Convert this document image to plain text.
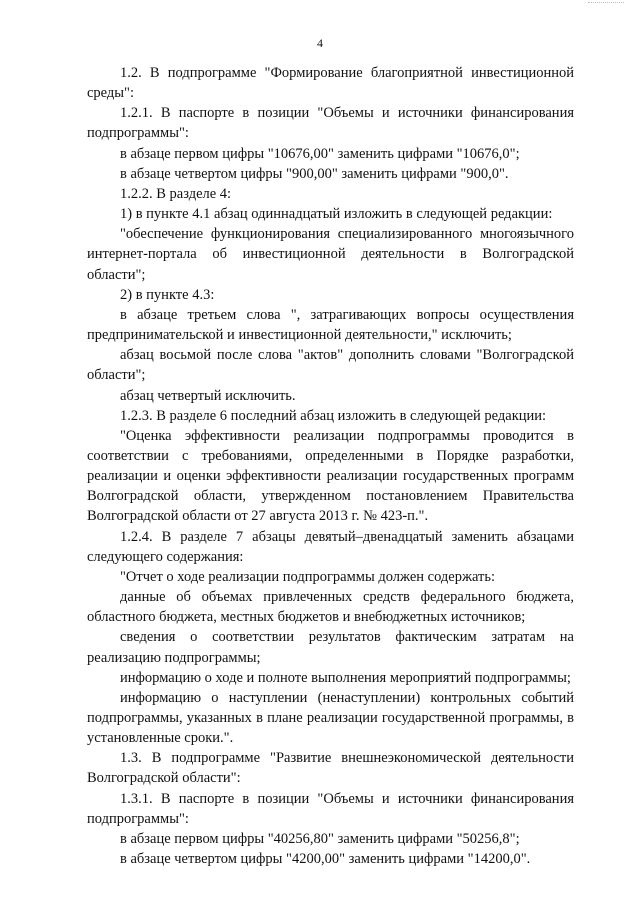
4

1.2. В подпрограмме "Формирование благоприятной инвестиционной среды":

1.2.1. В паспорте в позиции "Объемы и источники финансирования подпрограммы":

в абзаце первом цифры "10676,00" заменить цифрами "10676,0";

в абзаце четвертом цифры "900,00" заменить цифрами "900,0".

1.2.2. В разделе 4:

1) в пункте 4.1 абзац одиннадцатый изложить в следующей редакции:

"обеспечение функционирования специализированного многоязычного интернет-портала об инвестиционной деятельности в Волгоградской области";

2) в пункте 4.3:

в абзаце третьем слова ", затрагивающих вопросы осуществления предпринимательской и инвестиционной деятельности," исключить;

абзац восьмой после слова "актов" дополнить словами "Волгоградской области";

абзац четвертый исключить.

1.2.3. В разделе 6 последний абзац изложить в следующей редакции:

"Оценка эффективности реализации подпрограммы проводится в соответствии с требованиями, определенными в Порядке разработки, реализации и оценки эффективности реализации государственных программ Волгоградской области, утвержденном постановлением Правительства Волгоградской области от 27 августа 2013 г. № 423-п.".

1.2.4. В разделе 7 абзацы девятый–двенадцатый заменить абзацами следующего содержания:

"Отчет о ходе реализации подпрограммы должен содержать:

данные об объемах привлеченных средств федерального бюджета, областного бюджета, местных бюджетов и внебюджетных источников;

сведения о соответствии результатов фактическим затратам на реализацию подпрограммы;

информацию о ходе и полноте выполнения мероприятий подпрограммы;

информацию о наступлении (ненаступлении) контрольных событий подпрограммы, указанных в плане реализации государственной программы, в установленные сроки.".

1.3. В подпрограмме "Развитие внешнеэкономической деятельности Волгоградской области":

1.3.1. В паспорте в позиции "Объемы и источники финансирования подпрограммы":

в абзаце первом цифры "40256,80" заменить цифрами "50256,8";

в абзаце четвертом цифры "4200,00" заменить цифрами "14200,0".
